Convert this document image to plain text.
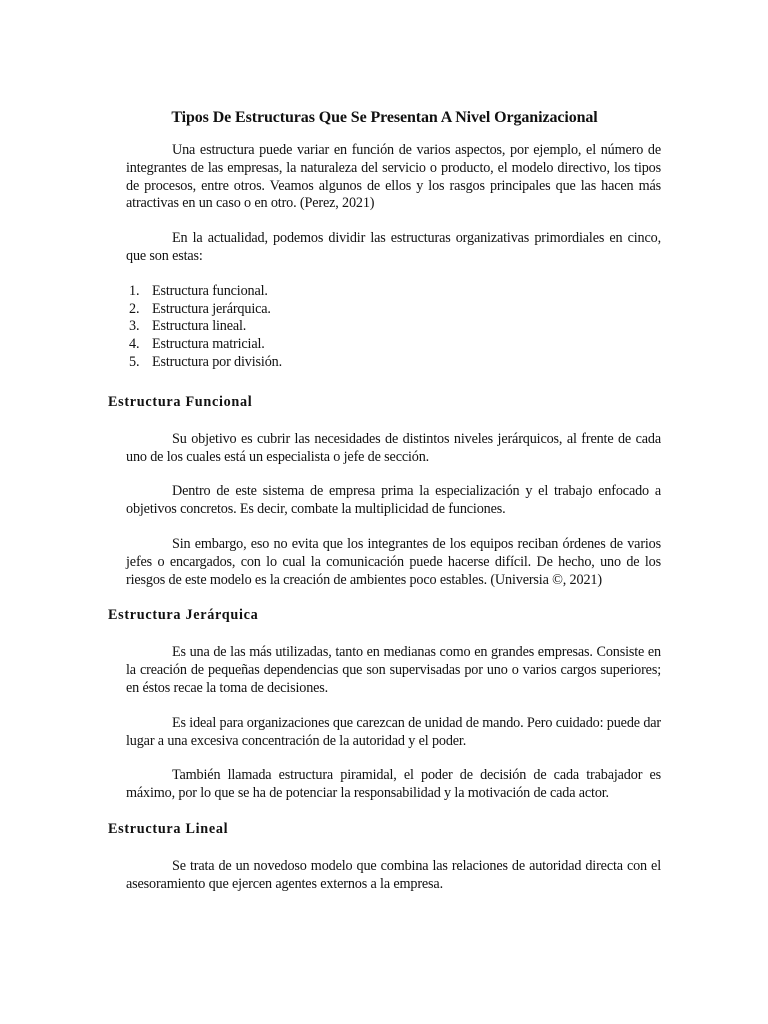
Tipos De Estructuras Que Se Presentan A Nivel Organizacional

Una estructura puede variar en función de varios aspectos, por ejemplo, el número de integrantes de las empresas, la naturaleza del servicio o producto, el modelo directivo, los tipos de procesos, entre otros. Veamos algunos de ellos y los rasgos principales que las hacen más atractivas en un caso o en otro. (Perez, 2021)

En la actualidad, podemos dividir las estructuras organizativas primordiales en cinco, que son estas:

1. Estructura funcional.
2. Estructura jerárquica.
3. Estructura lineal.
4. Estructura matricial.
5. Estructura por división.
Estructura Funcional

Su objetivo es cubrir las necesidades de distintos niveles jerárquicos, al frente de cada uno de los cuales está un especialista o jefe de sección.

Dentro de este sistema de empresa prima la especialización y el trabajo enfocado a objetivos concretos. Es decir, combate la multiplicidad de funciones.

Sin embargo, eso no evita que los integrantes de los equipos reciban órdenes de varios jefes o encargados, con lo cual la comunicación puede hacerse difícil. De hecho, uno de los riesgos de este modelo es la creación de ambientes poco estables. (Universia ©, 2021)

Estructura Jerárquica

Es una de las más utilizadas, tanto en medianas como en grandes empresas. Consiste en la creación de pequeñas dependencias que son supervisadas por uno o varios cargos superiores; en éstos recae la toma de decisiones.

Es ideal para organizaciones que carezcan de unidad de mando. Pero cuidado: puede dar lugar a una excesiva concentración de la autoridad y el poder.

También llamada estructura piramidal, el poder de decisión de cada trabajador es máximo, por lo que se ha de potenciar la responsabilidad y la motivación de cada actor.

Estructura Lineal

Se trata de un novedoso modelo que combina las relaciones de autoridad directa con el asesoramiento que ejercen agentes externos a la empresa.
